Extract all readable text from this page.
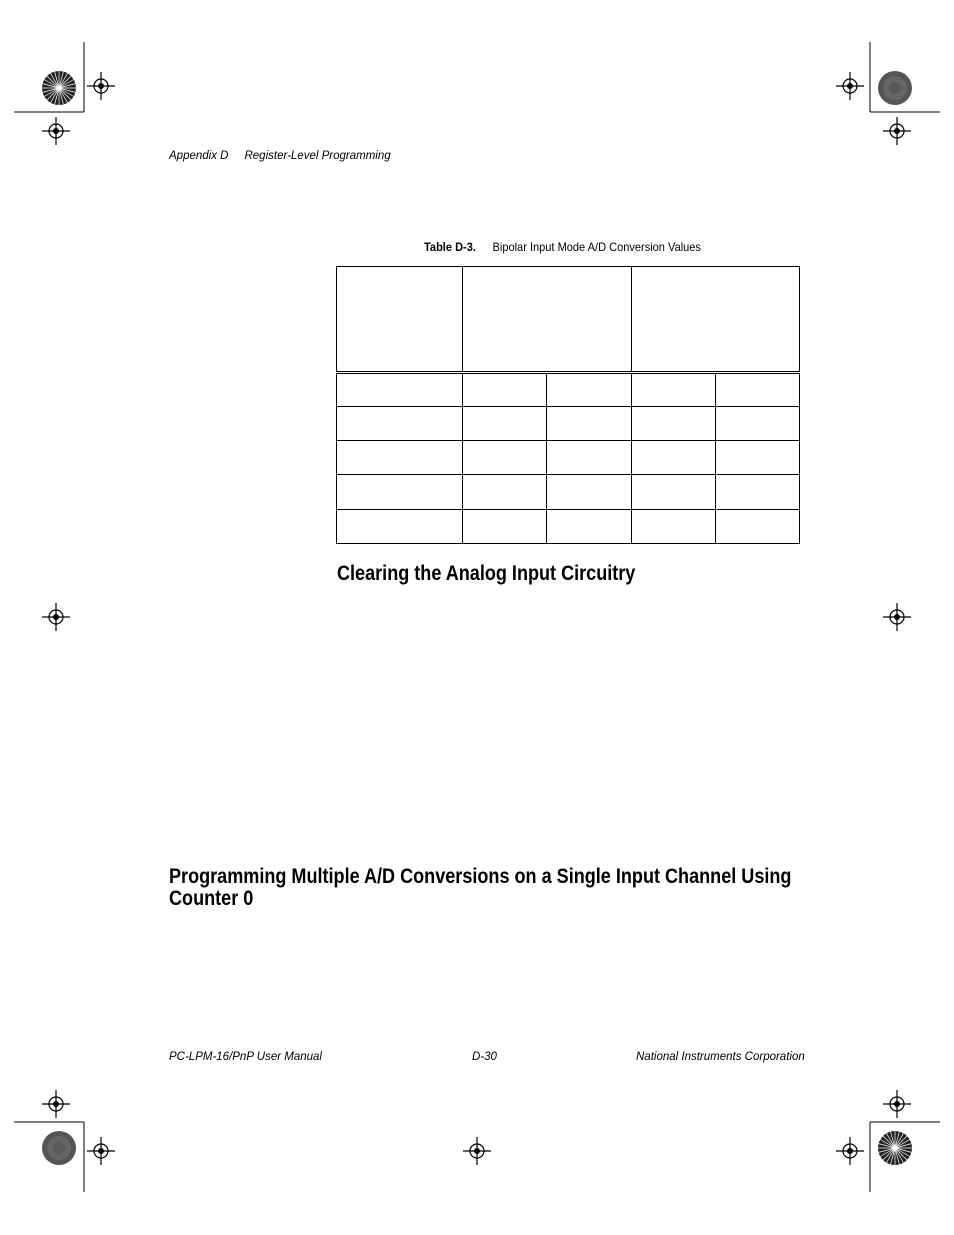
Appendix D Register-Level Programming
Table D-3. Bipolar Input Mode A/D Conversion Values

Clearing the Analog Input Circuitry
Programming Multiple A/D Conversions on a Single Input Channel Using Counter 0
PC-LPM-16/PnP User Manual	D-30	National Instruments Corporation
